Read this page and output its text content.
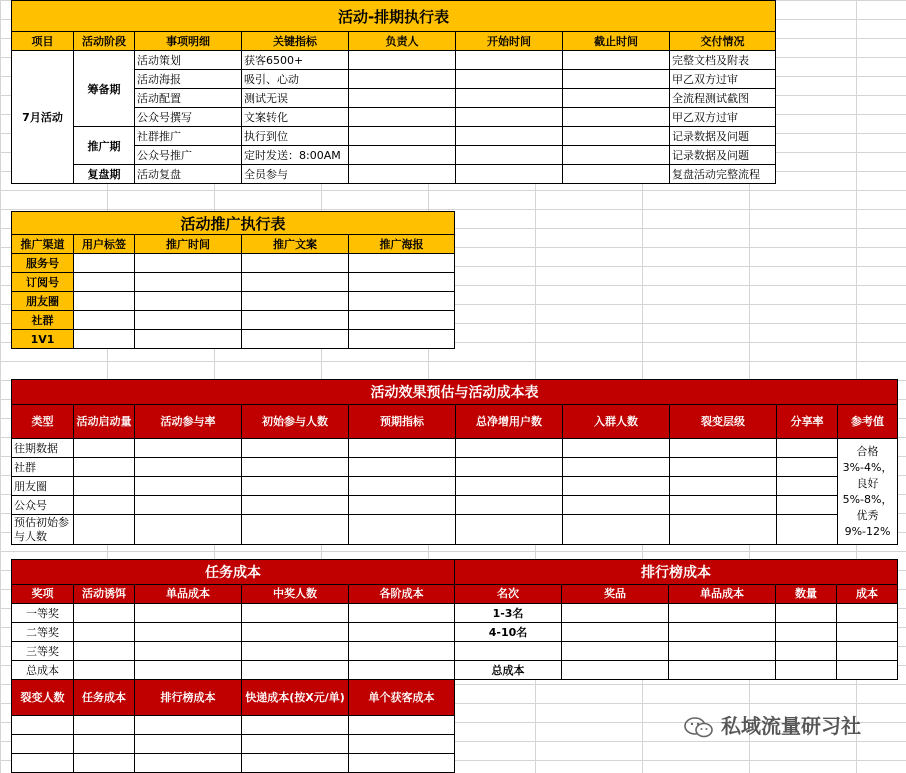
活动-排期执行表							
项目	活动阶段	事项明细	关键指标	负责人	开始时间	截止时间	交付情况
7月活动	筹备期	活动策划	获客6500+				完整文档及附表
		活动海报	吸引、心动				甲乙双方过审
		活动配置	测试无误				全流程测试截图
		公众号撰写	文案转化				甲乙双方过审
	推广期	社群推广	执行到位				记录数据及问题
		公众号推广	定时发送：8:00AM				记录数据及问题
	复盘期	活动复盘	全员参与				复盘活动完整流程
活动推广执行表				
推广渠道	用户标签	推广时间	推广文案	推广海报
服务号				
订阅号				
朋友圈				
社群				
1V1				
活动效果预估与活动成本表									
类型	活动启动量	活动参与率	初始参与人数	预期指标	总净增用户数	入群人数	裂变层级	分享率	参考值
往期数据									合格3%-4%，良好5%-8%，优秀9%-12%
社群									
朋友圈									
公众号									
预估初始参与人数									
任务成本				
奖项	活动诱饵	单品成本	中奖人数	各阶成本
一等奖				
二等奖				
三等奖				
总成本				
排行榜成本				
名次	奖品	单品成本	数量	成本
1-3名				
4-10名				

总成本				
裂变人数	任务成本	排行榜成本	快递成本(按X元/单)	单个获客成本

私域流量研习社
